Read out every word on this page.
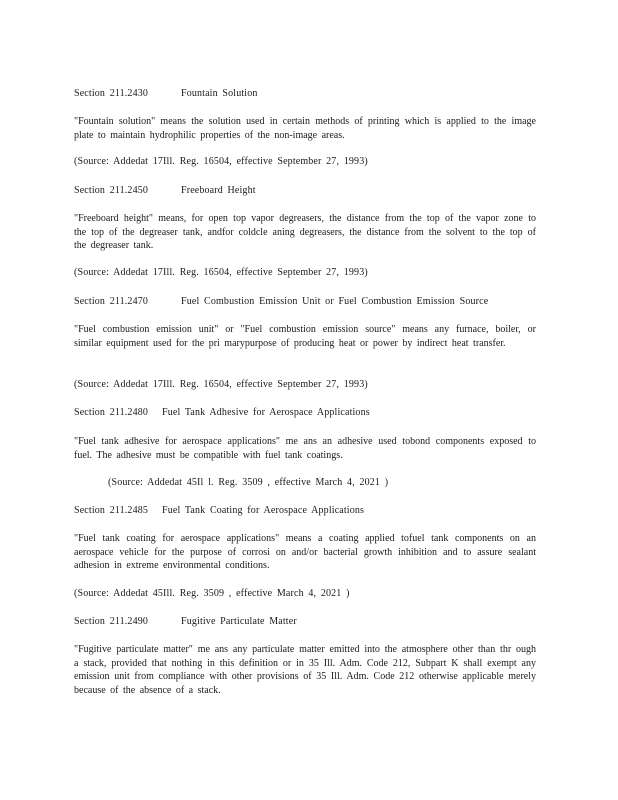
Section 211.2430	Fountain Solution
"Fountain solution" means the solution used in certain methods of printing which is applied to the image plate to maintain hydrophilic properties of the non-image areas.
(Source: Addedat 17Ill. Reg. 16504, effective September 27, 1993)
Section 211.2450	Freeboard Height
"Freeboard height" means, for open top vapor degreasers, the distance from the top of the vapor zone to the top of the degreaser tank, andfor coldcle aning degreasers, the distance from the solvent to the top of the degreaser tank.
(Source: Addedat 17Ill. Reg. 16504, effective September 27, 1993)
Section 211.2470	Fuel Combustion Emission Unit or Fuel Combustion Emission Source
"Fuel combustion emission unit" or "Fuel combustion emission source" means any furnace, boiler, or similar equipment used for the pri marypurpose of producing heat or power by indirect heat transfer.
(Source: Addedat 17Ill. Reg. 16504, effective September 27, 1993)
Section 211.2480 Fuel Tank Adhesive for Aerospace Applications
"Fuel tank adhesive for aerospace applications" me ans an adhesive used tobond components exposed to fuel. The adhesive must be compatible with fuel tank coatings.
(Source: Addedat 45Il l. Reg. 3509 , effective March 4, 2021 )
Section 211.2485 Fuel Tank Coating for Aerospace Applications
"Fuel tank coating for aerospace applications" means a coating applied tofuel tank components on an aerospace vehicle for the purpose of corrosi on and/or bacterial growth inhibition and to assure sealant adhesion in extreme environmental conditions.
(Source: Addedat 45Ill. Reg. 3509 , effective March 4, 2021 )
Section 211.2490	Fugitive Particulate Matter
"Fugitive particulate matter" me ans any particulate matter emitted into the atmosphere other than thr ough a stack, provided that nothing in this definition or in 35 Ill. Adm. Code 212, Subpart K shall exempt any emission unit from compliance with other provisions of 35 Ill. Adm. Code 212 otherwise applicable merely because of the absence of a stack.
